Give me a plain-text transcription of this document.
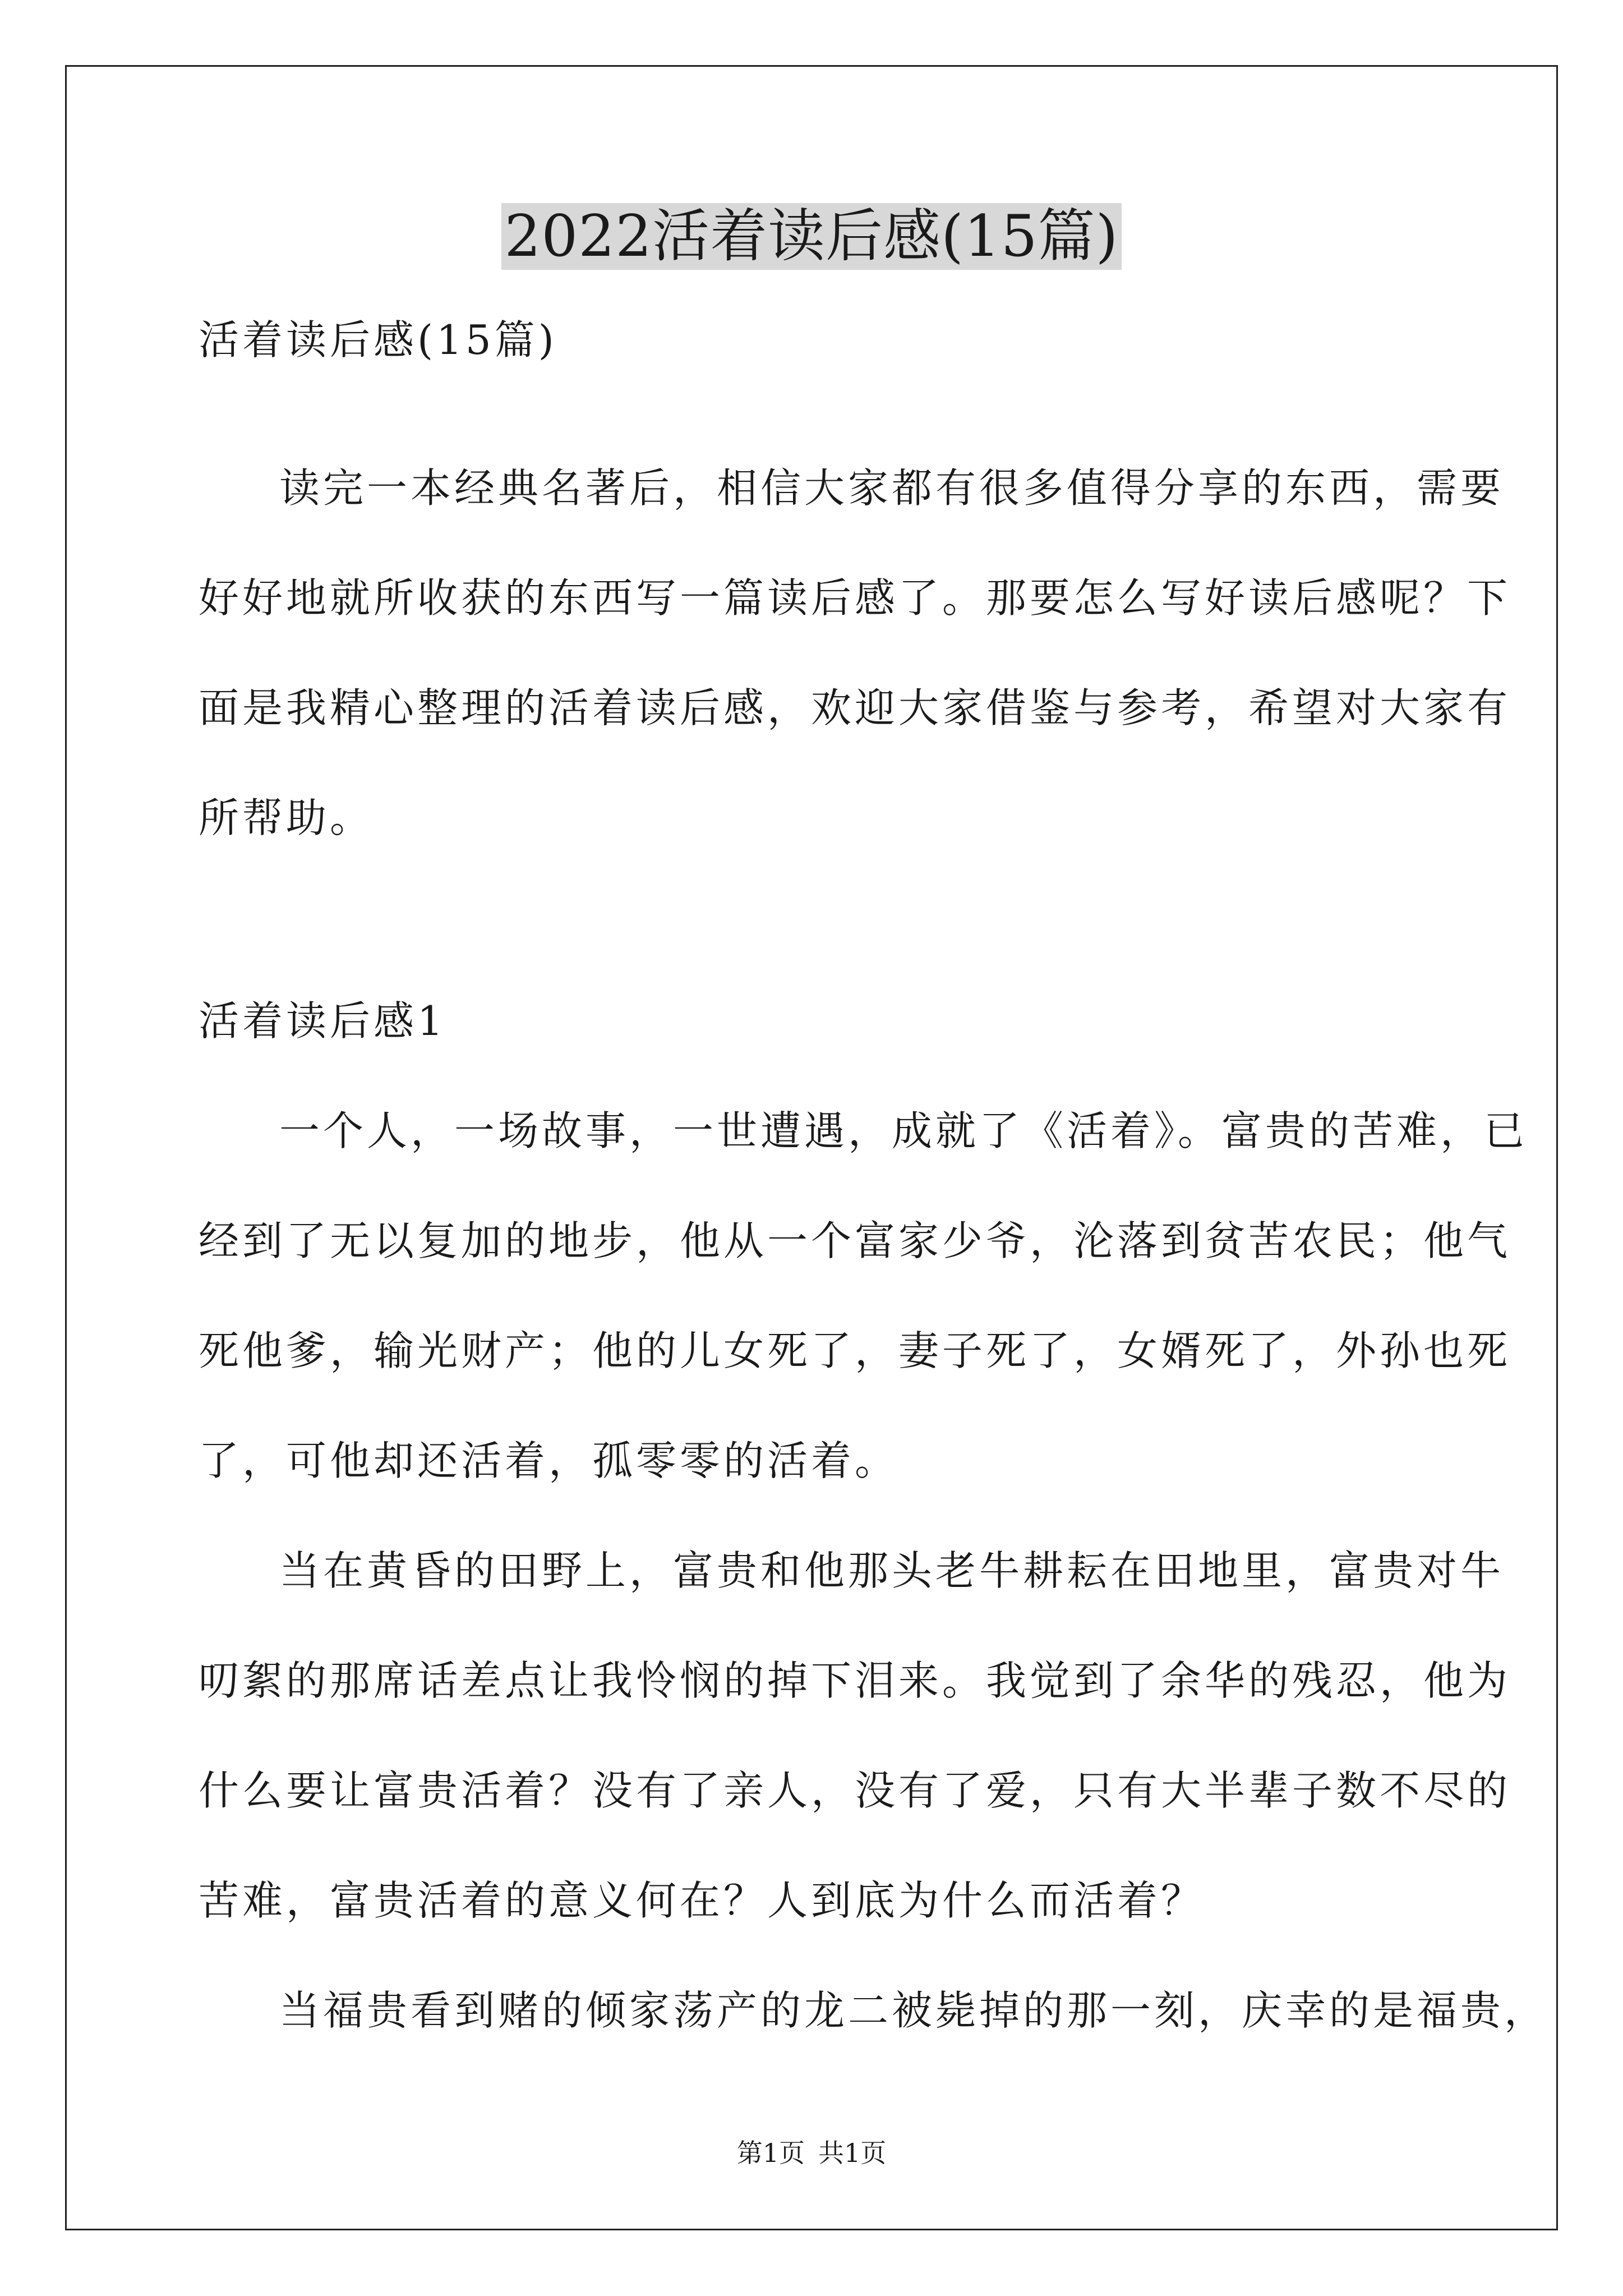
2022活着读后感(15篇)
活着读后感(15篇)
读完一本经典名著后，相信大家都有很多值得分享的东西，需要
好好地就所收获的东西写一篇读后感了。那要怎么写好读后感呢？下
面是我精心整理的活着读后感，欢迎大家借鉴与参考，希望对大家有
所帮助。
活着读后感1
一个人，一场故事，一世遭遇，成就了《活着》。富贵的苦难，已
经到了无以复加的地步，他从一个富家少爷，沦落到贫苦农民；他气
死他爹，输光财产；他的儿女死了，妻子死了，女婿死了，外孙也死
了，可他却还活着，孤零零的活着。
当在黄昏的田野上，富贵和他那头老牛耕耘在田地里，富贵对牛
叨絮的那席话差点让我怜悯的掉下泪来。我觉到了余华的残忍，他为
什么要让富贵活着？没有了亲人，没有了爱，只有大半辈子数不尽的
苦难，富贵活着的意义何在？人到底为什么而活着？
当福贵看到赌的倾家荡产的龙二被毙掉的那一刻，庆幸的是福贵，
第1页 共1页
